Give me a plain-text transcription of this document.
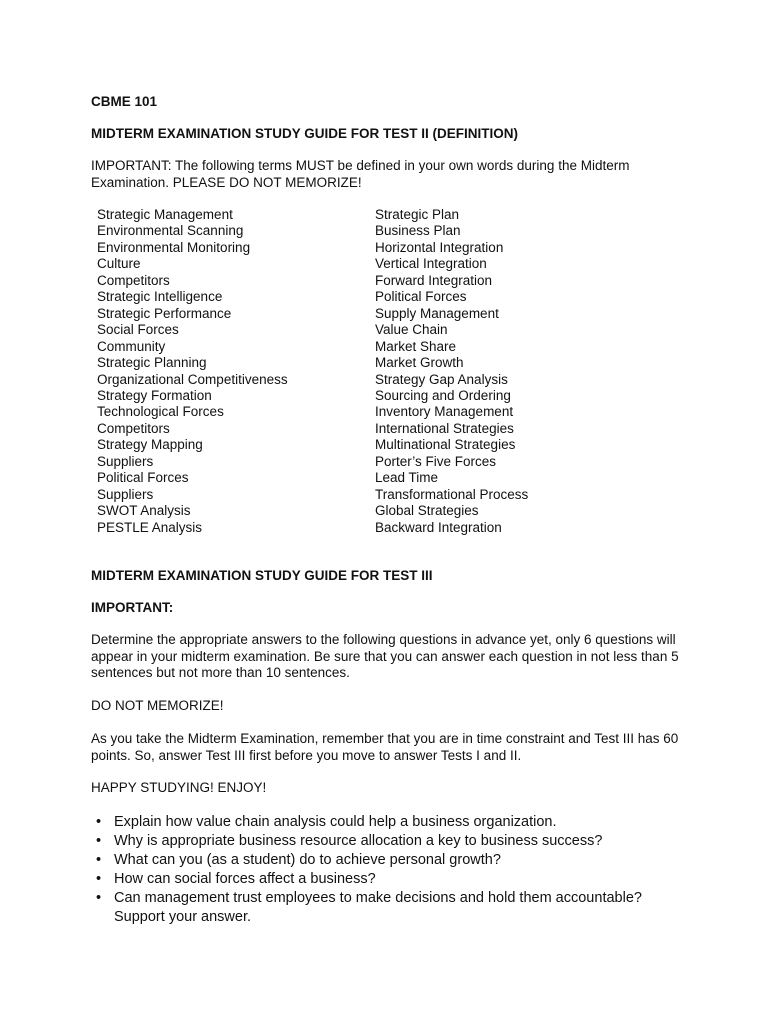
CBME 101

MIDTERM EXAMINATION STUDY GUIDE FOR TEST II (DEFINITION)

IMPORTANT: The following terms MUST be defined in your own words during the Midterm Examination. PLEASE DO NOT MEMORIZE!

Strategic Management
Environmental Scanning
Environmental Monitoring
Culture
Competitors
Strategic Intelligence
Strategic Performance
Social Forces
Community
Strategic Planning
Organizational Competitiveness
Strategy Formation
Technological Forces
Competitors
Strategy Mapping
Suppliers
Political Forces
Suppliers
SWOT Analysis
PESTLE Analysis
Strategic Plan
Business Plan
Horizontal Integration
Vertical Integration
Forward Integration
Political Forces
Supply Management
Value Chain
Market Share
Market Growth
Strategy Gap Analysis
Sourcing and Ordering
Inventory Management
International Strategies
Multinational Strategies
Porter’s Five Forces
Lead Time
Transformational Process
Global Strategies
Backward Integration

MIDTERM EXAMINATION STUDY GUIDE FOR TEST III

IMPORTANT:

Determine the appropriate answers to the following questions in advance yet, only 6 questions will appear in your midterm examination. Be sure that you can answer each question in not less than 5 sentences but not more than 10 sentences.

DO NOT MEMORIZE!

As you take the Midterm Examination, remember that you are in time constraint and Test III has 60 points. So, answer Test III first before you move to answer Tests I and II.

HAPPY STUDYING! ENJOY!

• Explain how value chain analysis could help a business organization.
• Why is appropriate business resource allocation a key to business success?
• What can you (as a student) do to achieve personal growth?
• How can social forces affect a business?
• Can management trust employees to make decisions and hold them accountable? Support your answer.
